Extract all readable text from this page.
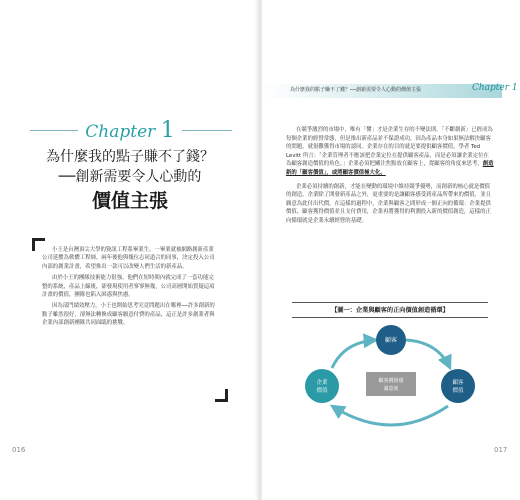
Chapter 1
為什麼我的點子賺不了錢？
──創新需要令人心動的
價值主張

小王是台灣頂尖大學的資訊工程系畢業生，一畢業就被網路創新產業公司延攬為軟體工程師。兩年後他與幾位志同道合的同事，決定投入公司內部的創業計畫，希望推出一款可以改變人們生活的新產品。

由於小王的團隊技術能力很強，他們在短時間內就完成了一套功能完整的系統，產品上線後，卻發現使用者寥寥無幾，公司高層開始質疑這項計畫的價值，團隊也陷入困惑與焦慮。

因為部門績效壓力，小王也開始思考究竟問題出在哪裡──許多創新的點子雖然很好，卻無法轉換成顧客願意付費的產品，這正是許多創業者與企業內部創新團隊共同面臨的挑戰。

016
為什麼我的點子賺不了錢？──創新需要令人心動的價值主張	Chapter 1

在競爭激烈的市場中，唯有「懂」才是企業生存的不變法則。「不斷創新」已經成為每個企業的經營常態，但是推出新產品並不保證成功，因為產品本身如果無法解決顧客的問題，就很難獲得市場的認同。企業存在的目的就是要提供顧客價值，學者 Ted Levitt 所言：「企業管理者不應該把企業定位在提供顧客產品，而是必須讓企業定位在為顧客創造價值的角色。」企業必須把關注焦點放在顧客上，從顧客的角度來思考，創造新的「顧客價值」，或將顧客價值極大化。

企業必須持續的創新，才能在變動的環境中維持競爭優勢，而創新的核心就是價值的創造。企業除了開發新產品之外，更重要的是讓顧客感受到產品所帶來的價值，並且願意為此付出代價。在這樣的過程中，企業與顧客之間形成一個正向的循環：企業提供價值、顧客獲得價值並且支付費用，企業再將獲得的利潤投入新的價值創造，這樣的正向循環就是企業永續經營的基礎。

【圖一：企業與顧客的正向價值創造循環】
顧客價值感
滿意度
顧客
企業
價值
顧客
價值
017
